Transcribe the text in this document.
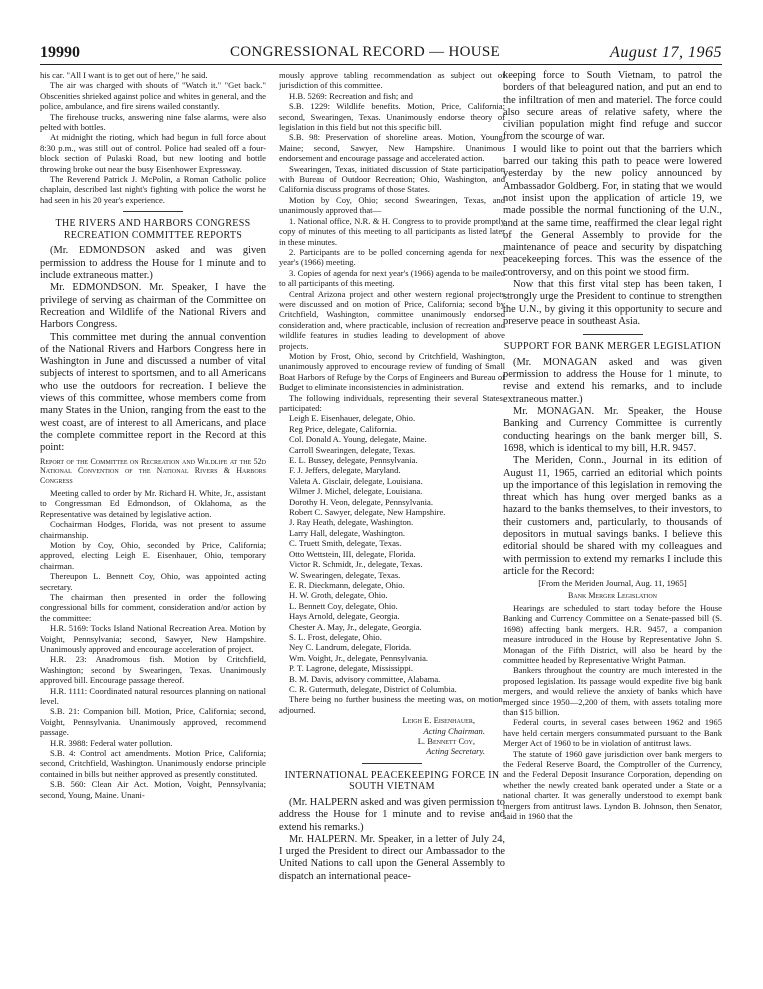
19990	CONGRESSIONAL RECORD — HOUSE	August 17, 1965

his car. "All I want is to get out of here," he said.

The air was charged with shouts of "Watch it." "Get back." Obscenities shrieked against police and whites in general, and the police, ambulance, and fire sirens wailed constantly.

The firehouse trucks, answering nine false alarms, were also pelted with bottles.

At midnight the rioting, which had begun in full force about 8:30 p.m., was still out of control. Police had sealed off a four-block section of Pulaski Road, but new looting and bottle throwing broke out near the busy Eisenhower Expressway.

The Reverend Patrick J. McPolin, a Roman Catholic police chaplain, described last night's fighting with police the worst he had seen in his 20 year's experience.

THE RIVERS AND HARBORS CONGRESS RECREATION COMMITTEE REPORTS

(Mr. EDMONDSON asked and was given permission to address the House for 1 minute and to include extraneous matter.)

Mr. EDMONDSON. Mr. Speaker, I have the privilege of serving as chairman of the Committee on Recreation and Wildlife of the National Rivers and Harbors Congress.

This committee met during the annual convention of the National Rivers and Harbors Congress here in Washington in June and discussed a number of vital subjects of interest to sportsmen, and to all Americans who use the outdoors for recreation. I believe the views of this committee, whose members come from many States in the Union, ranging from the east to the west coast, are of interest to all Americans, and place the complete committee report in the Record at this point:

Report of the Committee on Recreation and Wildlife at the 52d National Convention of the National Rivers & Harbors Congress

Meeting called to order by Mr. Richard H. White, Jr., assistant to Congressman Ed Edmondson, of Oklahoma, as the Representative was detained by legislative action.

Cochairman Hodges, Florida, was not present to assume chairmanship.

Motion by Coy, Ohio, seconded by Price, California; approved, electing Leigh E. Eisenhauer, Ohio, temporary chairman.

Thereupon L. Bennett Coy, Ohio, was appointed acting secretary.

The chairman then presented in order the following congressional bills for comment, consideration and/or action by the committee:

H.R. 5169: Tocks Island National Recreation Area. Motion by Voight, Pennsylvania; second, Sawyer, New Hampshire. Unanimously approved and encourage acceleration of project.

H.R. 23: Anadromous fish. Motion by Critchfield, Washington; second by Swearingen, Texas. Unanimously approved bill. Encourage passage thereof.

H.R. 1111: Coordinated natural resources planning on national level.

S.B. 21: Companion bill. Motion, Price, California; second, Voight, Pennsylvania. Unanimously approved, recommend passage.

H.R. 3988: Federal water pollution.

S.B. 4: Control act amendments. Motion Price, California; second, Critchfield, Washington. Unanimously endorse principle contained in bills but neither approved as presently constituted.

S.B. 560: Clean Air Act. Motion, Voight, Pennsylvania; second, Young, Maine. Unani-

mously approve tabling recommendation as subject out of jurisdiction of this committee.

H.B. 5269: Recreation and fish; and

S.B. 1229: Wildlife benefits. Motion, Price, California; second, Swearingen, Texas. Unanimously endorse theory of legislation in this field but not this specific bill.

S.B. 98: Preservation of shoreline areas. Motion, Young, Maine; second, Sawyer, New Hampshire. Unanimous endorsement and encourage passage and accelerated action.

Swearingen, Texas, initiated discussion of State participation with Bureau of Outdoor Recreation; Ohio, Washington, and California discuss programs of those States.

Motion by Coy, Ohio; second Swearingen, Texas, and unanimously approved that—

1. National office, N.R. & H. Congress to to provide promptly copy of minutes of this meeting to all participants as listed later in these minutes.

2. Participants are to be polled concerning agenda for next year's (1966) meeting.

3. Copies of agenda for next year's (1966) agenda to be mailed to all participants of this meeting.

Central Arizona project and other western regional projects were discussed and on motion of Price, California; second by Critchfield, Washington, committee unanimously endorsed consideration and, where practicable, inclusion of recreation and wildlife features in studies leading to development of above projects.

Motion by Frost, Ohio, second by Critchfield, Washington, unanimously approved to encourage review of funding of Small Boat Harbors of Refuge by the Corps of Engineers and Bureau of Budget to eliminate inconsistencies in administration.

The following individuals, representing their several States, participated:

Leigh E. Eisenhauer, delegate, Ohio.

Reg Price, delegate, California.

Col. Donald A. Young, delegate, Maine.

Carroll Swearingen, delegate, Texas.

E. L. Bussey, delegate, Pennsylvania.

F. J. Jeffers, delegate, Maryland.

Valeta A. Gisclair, delegate, Louisiana.

Wilmer J. Michel, delegate, Louisiana.

Dorothy H. Veon, delegate, Pennsylvania.

Robert C. Sawyer, delegate, New Hampshire.

J. Ray Heath, delegate, Washington.

Larry Hall, delegate, Washington.

C. Truett Smith, delegate, Texas.

Otto Wettstein, III, delegate, Florida.

Victor R. Schmidt, Jr., delegate, Texas.

W. Swearingen, delegate, Texas.

E. R. Dieckmann, delegate, Ohio.

H. W. Groth, delegate, Ohio.

L. Bennett Coy, delegate, Ohio.

Hays Arnold, delegate, Georgia.

Chester A. May, Jr., delegate, Georgia.

S. L. Frost, delegate, Ohio.

Ney C. Landrum, delegate, Florida.

Wm. Voight, Jr., delegate, Pennsylvania.

P. T. Lagrone, delegate, Mississippi.

B. M. Davis, advisory committee, Alabama.

C. R. Gutermuth, delegate, District of Columbia.

There being no further business the meeting was, on motion, adjourned.

Leigh E. Eisenhauer,

Acting Chairman.

L. Bennett Coy,

Acting Secretary.

INTERNATIONAL PEACEKEEPING FORCE IN SOUTH VIETNAM

(Mr. HALPERN asked and was given permission to address the House for 1 minute and to revise and extend his remarks.)

Mr. HALPERN. Mr. Speaker, in a letter of July 24, I urged the President to direct our Ambassador to the United Nations to call upon the General Assembly to dispatch an international peace-

keeping force to South Vietnam, to patrol the borders of that beleagured nation, and put an end to the infiltration of men and materiel. The force could also secure areas of relative safety, where the civilian population might find refuge and succor from the scourge of war.

I would like to point out that the barriers which barred our taking this path to peace were lowered yesterday by the new policy announced by Ambassador Goldberg. For, in stating that we would not insist upon the application of article 19, we made possible the normal functioning of the U.N., and at the same time, reaffirmed the clear legal right of the General Assembly to provide for the maintenance of peace and security by dispatching peacekeeping forces. This was the essence of the controversy, and on this point we stood firm.

Now that this first vital step has been taken, I strongly urge the President to continue to strengthen the U.N., by giving it this opportunity to secure and preserve peace in southeast Asia.

SUPPORT FOR BANK MERGER LEGISLATION

(Mr. MONAGAN asked and was given permission to address the House for 1 minute, to revise and extend his remarks, and to include extraneous matter.)

Mr. MONAGAN. Mr. Speaker, the House Banking and Currency Committee is currently conducting hearings on the bank merger bill, S. 1698, which is identical to my bill, H.R. 9457.

The Meriden, Conn., Journal in its edition of August 11, 1965, carried an editorial which points up the importance of this legislation in removing the threat which has hung over merged banks as a hazard to the banks themselves, to their investors, to their customers and, particularly, to thousands of depositors in mutual savings banks. I believe this editorial should be shared with my colleagues and with permission to extend my remarks I include this article for the Record:

[From the Meriden Journal, Aug. 11, 1965]

Bank Merger Legislation

Hearings are scheduled to start today before the House Banking and Currency Committee on a Senate-passed bill (S. 1698) affecting bank mergers. H.R. 9457, a companion measure introduced in the House by Representative John S. Monagan of the Fifth District, will also be heard by the committee headed by Representative Wright Patman.

Bankers throughout the country are much interested in the proposed legislation. Its passage would expedite five big bank mergers, and would relieve the anxiety of banks which have merged since 1950—2,200 of them, with assets totaling more than $15 billion.

Federal courts, in several cases between 1962 and 1965 have held certain mergers consummated pursuant to the Bank Merger Act of 1960 to be in violation of antitrust laws.

The statute of 1960 gave jurisdiction over bank mergers to the Federal Reserve Board, the Comptroller of the Currency, and the Federal Deposit Insurance Corporation, depending on whether the newly created bank operated under a State or a national charter. It was generally understood to exempt bank mergers from antitrust laws. Lyndon B. Johnson, then Senator, said in 1960 that the
